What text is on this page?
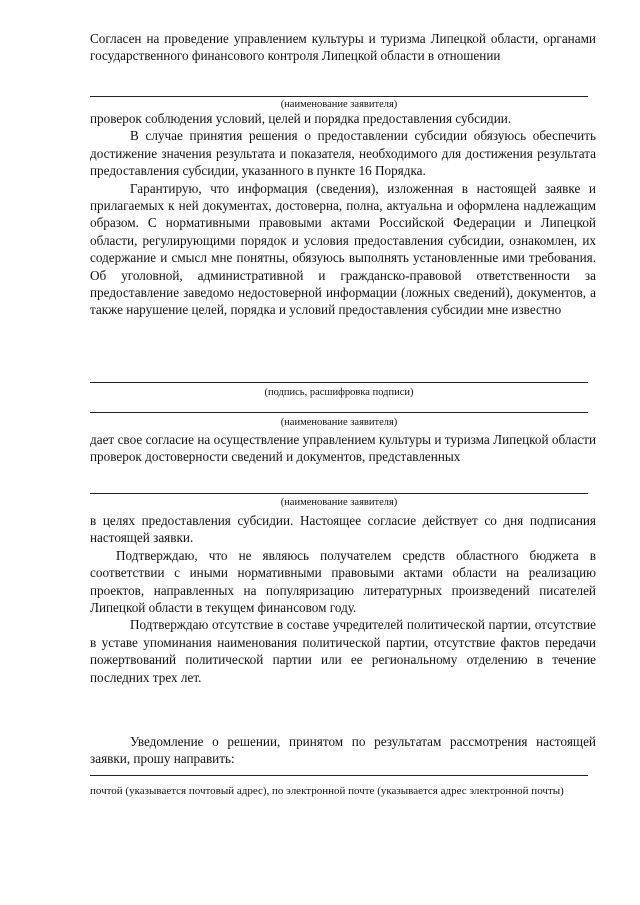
Согласен на проведение управлением культуры и туризма Липецкой области, органами государственного финансового контроля Липецкой области в отношении

(наименование заявителя)

проверок соблюдения условий, целей и порядка предоставления субсидии.

В случае принятия решения о предоставлении субсидии обязуюсь обеспечить достижение значения результата и показателя, необходимого для достижения результата предоставления субсидии, указанного в пункте 16 Порядка.

Гарантирую, что информация (сведения), изложенная в настоящей заявке и прилагаемых к ней документах, достоверна, полна, актуальна и оформлена надлежащим образом. С нормативными правовыми актами Российской Федерации и Липецкой области, регулирующими порядок и условия предоставления субсидии, ознакомлен, их содержание и смысл мне понятны, обязуюсь выполнять установленные ими требования. Об уголовной, административной и гражданско-правовой ответственности за предоставление заведомо недостоверной информации (ложных сведений), документов, а также нарушение целей, порядка и условий предоставления субсидии мне известно

(подпись, расшифровка подписи)
(наименование заявителя)

дает свое согласие на осуществление управлением культуры и туризма Липецкой области проверок достоверности сведений и документов, представленных

(наименование заявителя)

в целях предоставления субсидии. Настоящее согласие действует со дня подписания настоящей заявки.

Подтверждаю, что не являюсь получателем средств областного бюджета в соответствии с иными нормативными правовыми актами области на реализацию проектов, направленных на популяризацию литературных произведений писателей Липецкой области в текущем финансовом году.

Подтверждаю отсутствие в составе учредителей политической партии, отсутствие в уставе упоминания наименования политической партии, отсутствие фактов передачи пожертвований политической партии или ее региональному отделению в течение последних трех лет.

Уведомление о решении, принятом по результатам рассмотрения настоящей заявки, прошу направить:

почтой (указывается почтовый адрес), по электронной почте (указывается адрес электронной почты)
